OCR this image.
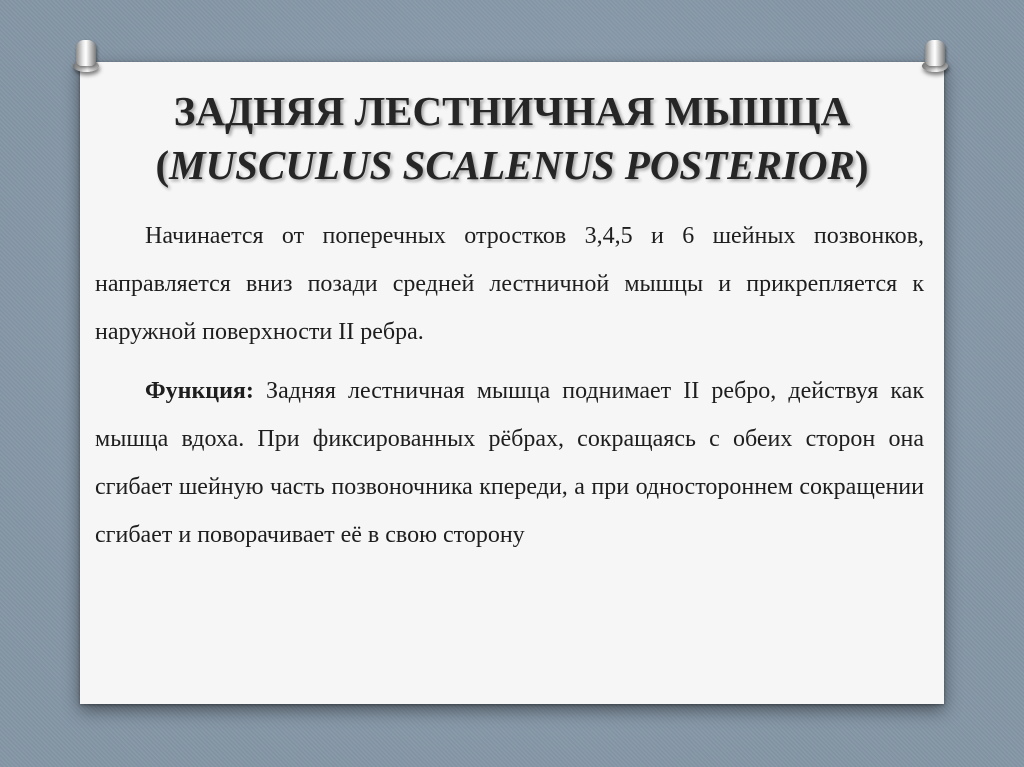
ЗАДНЯЯ ЛЕСТНИЧНАЯ МЫШЦА
(MUSCULUS SCALENUS POSTERIOR)

Начинается от поперечных отростков 3,4,5 и 6 шейных позвонков, направляется вниз позади средней лестничной мышцы и прикрепляется к наружной поверхности II ребра.

Функция: Задняя лестничная мышца поднимает II ребро, действуя как мышца вдоха. При фиксированных рёбрах, сокращаясь с обеих сторон она сгибает шейную часть позвоночника кпереди, а при одностороннем сокращении сгибает и поворачивает её в свою сторону
